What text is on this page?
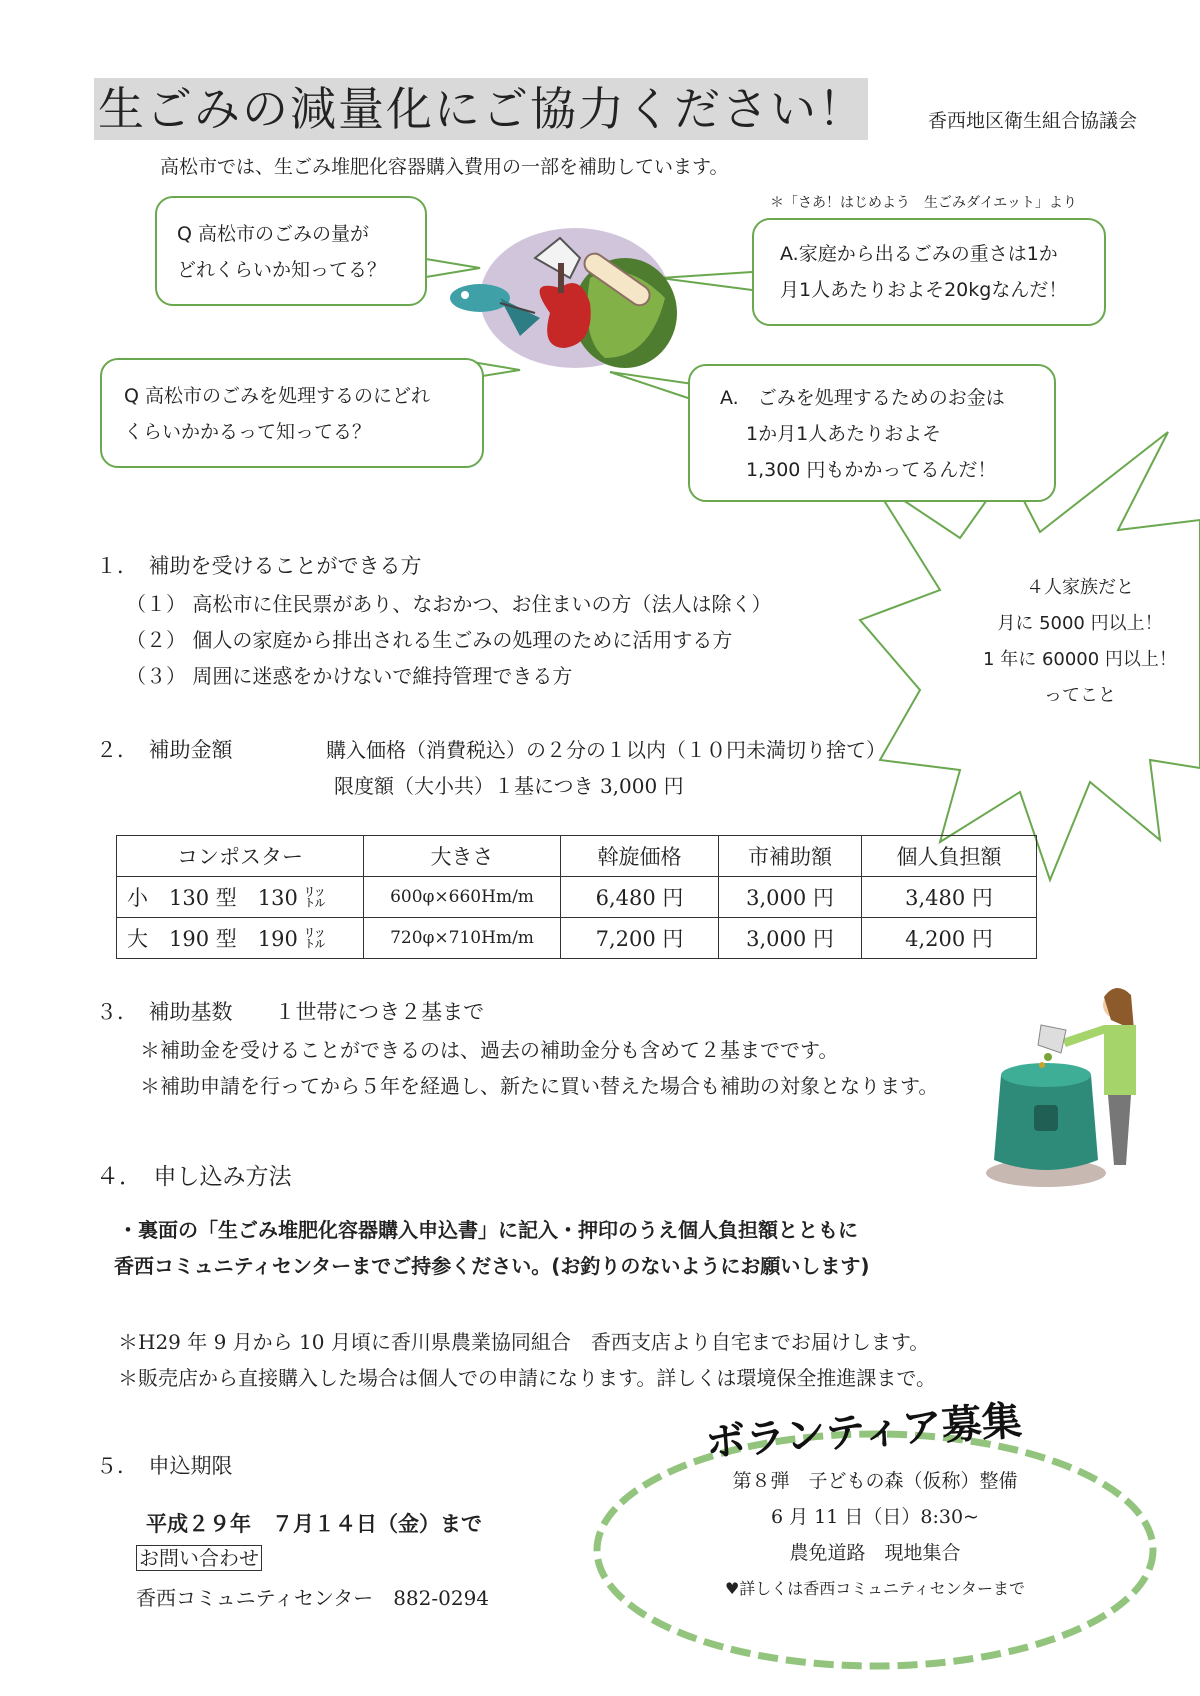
生ごみの減量化にご協力ください！	香西地区衛生組合協議会
高松市では、生ごみ堆肥化容器購入費用の一部を補助しています。
＊「さあ！はじめよう　生ごみダイエット」より
Q 高松市のごみの量が
どれくらいか知ってる？
A.家庭から出るごみの重さは1か
月1人あたりおよそ20kgなんだ！
Q 高松市のごみを処理するのにどれ
くらいかかるって知ってる？
A.　ごみを処理するためのお金は
1か月1人あたりおよそ
1,300 円もかかってるんだ！
４人家族だと
月に 5000 円以上！
1 年に 60000 円以上！
ってこと
１．　補助を受けることができる方
（１） 高松市に住民票があり、なおかつ、お住まいの方（法人は除く）
（２） 個人の家庭から排出される生ごみの処理のために活用する方
（３） 周囲に迷惑をかけないで維持管理できる方
２．　補助金額	購入価格（消費税込）の２分の１以内（１０円未満切り捨て）
限度額（大小共）１基につき 3,000 円
コンポスター	大きさ	斡旋価格	市補助額	個人負担額
小　130 型　130 ㍑	600φ×660Hm/m	6,480 円	3,000 円	3,480 円
大　190 型　190 ㍑	720φ×710Hm/m	7,200 円	3,000 円	4,200 円
３．　補助基数　　１世帯につき２基まで
＊補助金を受けることができるのは、過去の補助金分も含めて２基までです。
＊補助申請を行ってから５年を経過し、新たに買い替えた場合も補助の対象となります。
４．　申し込み方法
・裏面の「生ごみ堆肥化容器購入申込書」に記入・押印のうえ個人負担額とともに
香西コミュニティセンターまでご持参ください。(お釣りのないようにお願いします)
＊H29 年 9 月から 10 月頃に香川県農業協同組合　香西支店より自宅までお届けします。
＊販売店から直接購入した場合は個人での申請になります。詳しくは環境保全推進課まで。
５．　申込期限
平成２９年　７月１４日（金）まで
お問い合わせ
香西コミュニティセンター　882-0294
ボランティア募集
第８弾　子どもの森（仮称）整備
6 月 11 日（日）8:30~
農免道路　現地集合
♥詳しくは香西コミュニティセンターまで
